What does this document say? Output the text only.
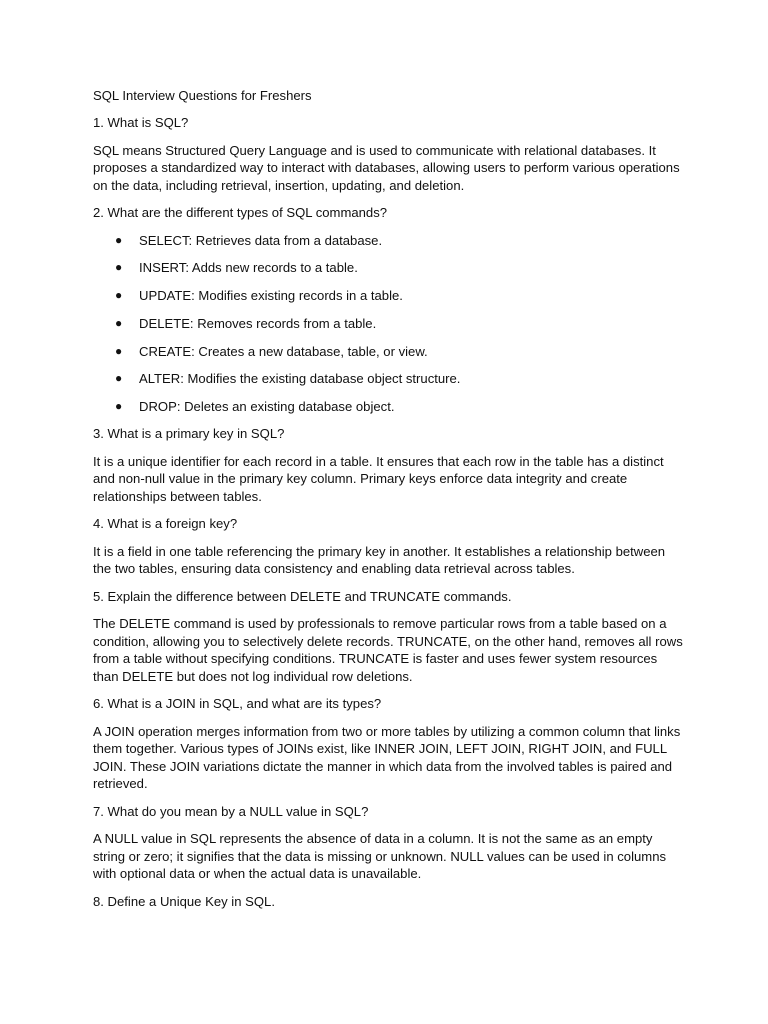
SQL Interview Questions for Freshers

1. What is SQL?

SQL means Structured Query Language and is used to communicate with relational databases. It proposes a standardized way to interact with databases, allowing users to perform various operations on the data, including retrieval, insertion, updating, and deletion.

2. What are the different types of SQL commands?

● SELECT: Retrieves data from a database.
● INSERT: Adds new records to a table.
● UPDATE: Modifies existing records in a table.
● DELETE: Removes records from a table.
● CREATE: Creates a new database, table, or view.
● ALTER: Modifies the existing database object structure.
● DROP: Deletes an existing database object.

3. What is a primary key in SQL?

It is a unique identifier for each record in a table. It ensures that each row in the table has a distinct and non-null value in the primary key column. Primary keys enforce data integrity and create relationships between tables.

4. What is a foreign key?

It is a field in one table referencing the primary key in another. It establishes a relationship between the two tables, ensuring data consistency and enabling data retrieval across tables.

5. Explain the difference between DELETE and TRUNCATE commands.

The DELETE command is used by professionals to remove particular rows from a table based on a condition, allowing you to selectively delete records. TRUNCATE, on the other hand, removes all rows from a table without specifying conditions. TRUNCATE is faster and uses fewer system resources than DELETE but does not log individual row deletions.

6. What is a JOIN in SQL, and what are its types?

A JOIN operation merges information from two or more tables by utilizing a common column that links them together. Various types of JOINs exist, like INNER JOIN, LEFT JOIN, RIGHT JOIN, and FULL JOIN. These JOIN variations dictate the manner in which data from the involved tables is paired and retrieved.

7. What do you mean by a NULL value in SQL?

A NULL value in SQL represents the absence of data in a column. It is not the same as an empty string or zero; it signifies that the data is missing or unknown. NULL values can be used in columns with optional data or when the actual data is unavailable.

8. Define a Unique Key in SQL.
